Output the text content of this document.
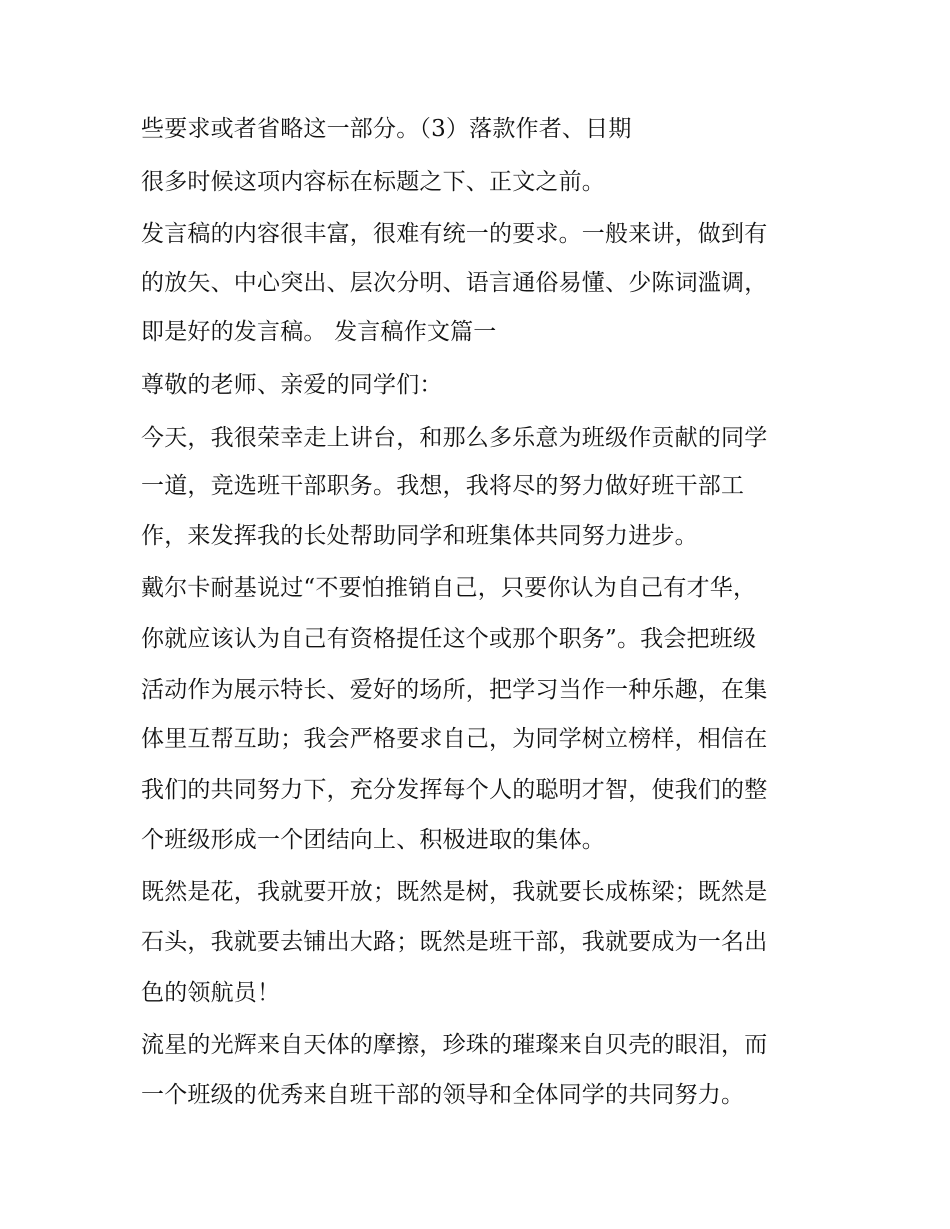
些要求或者省略这一部分。（3）落款作者、日期

很多时候这项内容标在标题之下、正文之前。

发言稿的内容很丰富，很难有统一的要求。一般来讲，做到有

的放矢、中心突出、层次分明、语言通俗易懂、少陈词滥调，

即是好的发言稿。 发言稿作文篇一

尊敬的老师、亲爱的同学们：

今天，我很荣幸走上讲台，和那么多乐意为班级作贡献的同学

一道，竞选班干部职务。我想，我将尽的努力做好班干部工

作，来发挥我的长处帮助同学和班集体共同努力进步。

戴尔卡耐基说过“不要怕推销自己，只要你认为自己有才华，

你就应该认为自己有资格提任这个或那个职务”。我会把班级

活动作为展示特长、爱好的场所，把学习当作一种乐趣，在集

体里互帮互助；我会严格要求自己，为同学树立榜样，相信在

我们的共同努力下，充分发挥每个人的聪明才智，使我们的整

个班级形成一个团结向上、积极进取的集体。

既然是花，我就要开放；既然是树，我就要长成栋梁；既然是

石头，我就要去铺出大路；既然是班干部，我就要成为一名出

色的领航员！

流星的光辉来自天体的摩擦，珍珠的璀璨来自贝壳的眼泪，而

一个班级的优秀来自班干部的领导和全体同学的共同努力。
